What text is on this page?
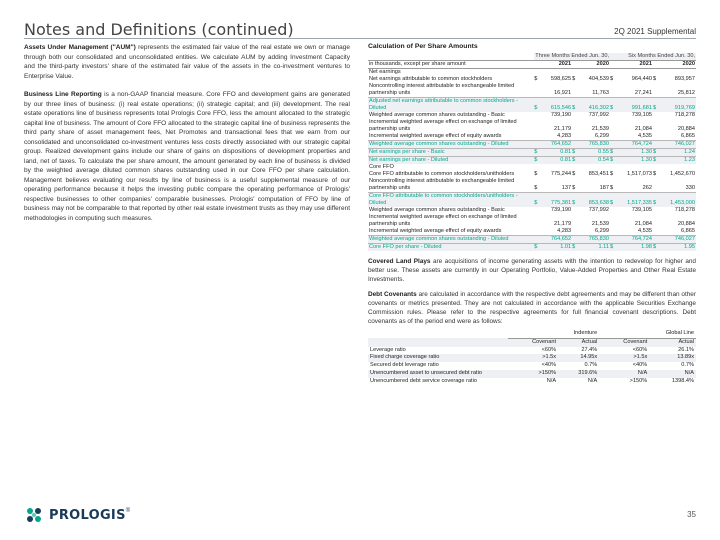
Notes and Definitions (continued)	2Q 2021 Supplemental

Assets Under Management ("AUM") represents the estimated fair value of the real estate we own or manage through both our consolidated and unconsolidated entities. We calculate AUM by adding Investment Capacity and the third-party investors' share of the estimated fair value of the assets in the co-investment ventures to Enterprise Value.

Business Line Reporting is a non-GAAP financial measure. Core FFO and development gains are generated by our three lines of business: (i) real estate operations; (ii) strategic capital; and (iii) development. The real estate operations line of business represents total Prologis Core FFO, less the amount allocated to the strategic capital line of business. The amount of Core FFO allocated to the strategic capital line of business represents the third party share of asset management fees, Net Promotes and transactional fees that we earn from our consolidated and unconsolidated co-investment ventures less costs directly associated with our strategic capital group. Realized development gains include our share of gains on dispositions of development properties and land, net of taxes. To calculate the per share amount, the amount generated by each line of business is divided by the weighted average diluted common shares outstanding used in our Core FFO per share calculation. Management believes evaluating our results by line of business is a useful supplemental measure of our operating performance because it helps the investing public compare the operating performance of Prologis' respective businesses to other companies' comparable businesses. Prologis' computation of FFO by line of business may not be comparable to that reported by other real estate investment trusts as they may use different methodologies in computing such measures.

Calculation of Per Share Amounts
	Three Months Ended Jun. 30,				Six Months Ended Jun. 30,			
in thousands, except per share amount	2021		2020		2021		2020	
Net earnings								
Net earnings attributable to common stockholders	$	598,625	$	404,539	$	964,440	$	893,957
Noncontrolling interest attributable to exchangeable limited partnership units		16,921		11,763		27,241		25,812
Adjusted net earnings attributable to common stockholders - Diluted	$	615,546	$	416,302	$	991,681	$	919,769
Weighted average common shares outstanding - Basic		739,190		737,992		739,105		718,278
Incremental weighted average effect on exchange of limited partnership units		21,179		21,539		21,084		20,884
Incremental weighted average effect of equity awards		4,283		6,299		4,535		6,865
Weighted average common shares outstanding - Diluted		764,652		765,830		764,724		746,027
Net earnings per share - Basic	$	0.81	$	0.55	$	1.30	$	1.24
Net earnings per share - Diluted	$	0.81	$	0.54	$	1.30	$	1.23
Core FFO								
Core FFO attributable to common stockholders/unitholders	$	775,244	$	853,451	$	1,517,073	$	1,452,670
Noncontrolling interest attributable to exchangeable limited partnership units	$	137	$	187	$	262		330
Core FFO attributable to common stockholders/unitholders - Diluted	$	775,381	$	853,638	$	1,517,335	$	1,453,000
Weighted average common shares outstanding - Basic		739,190		737,992		739,105		718,278
Incremental weighted average effect on exchange of limited partnership units		21,179		21,539		21,084		20,884
Incremental weighted average effect of equity awards		4,283		6,299		4,535		6,865
Weighted average common shares outstanding - Diluted		764,652		765,830		764,724		746,027
Core FFO per share - Diluted	$	1.01	$	1.11	$	1.98	$	1.95

Covered Land Plays are acquisitions of income generating assets with the intention to redevelop for higher and better use. These assets are currently in our Operating Portfolio, Value-Added Properties and Other Real Estate Investments.

Debt Covenants are calculated in accordance with the respective debt agreements and may be different than other covenants or metrics presented. They are not calculated in accordance with the applicable Securities Exchange Commission rules. Please refer to the respective agreements for full financial covenant descriptions. Debt covenants as of the period end were as follows:

	Indenture		Global Line	
	Covenant	Actual	Covenant	Actual
Leverage ratio	<60%	27.4%	<60%	26.1%
Fixed charge coverage ratio	>1.5x	14.95x	>1.5x	13.89x
Secured debt leverage ratio	<40%	0.7%	<40%	0.7%
Unencumbered asset to unsecured debt ratio	>150%	319.6%	N/A	N/A
Unencumbered debt service coverage ratio	N/A	N/A	>150%	1398.4%
PROLOGIS ®	35
